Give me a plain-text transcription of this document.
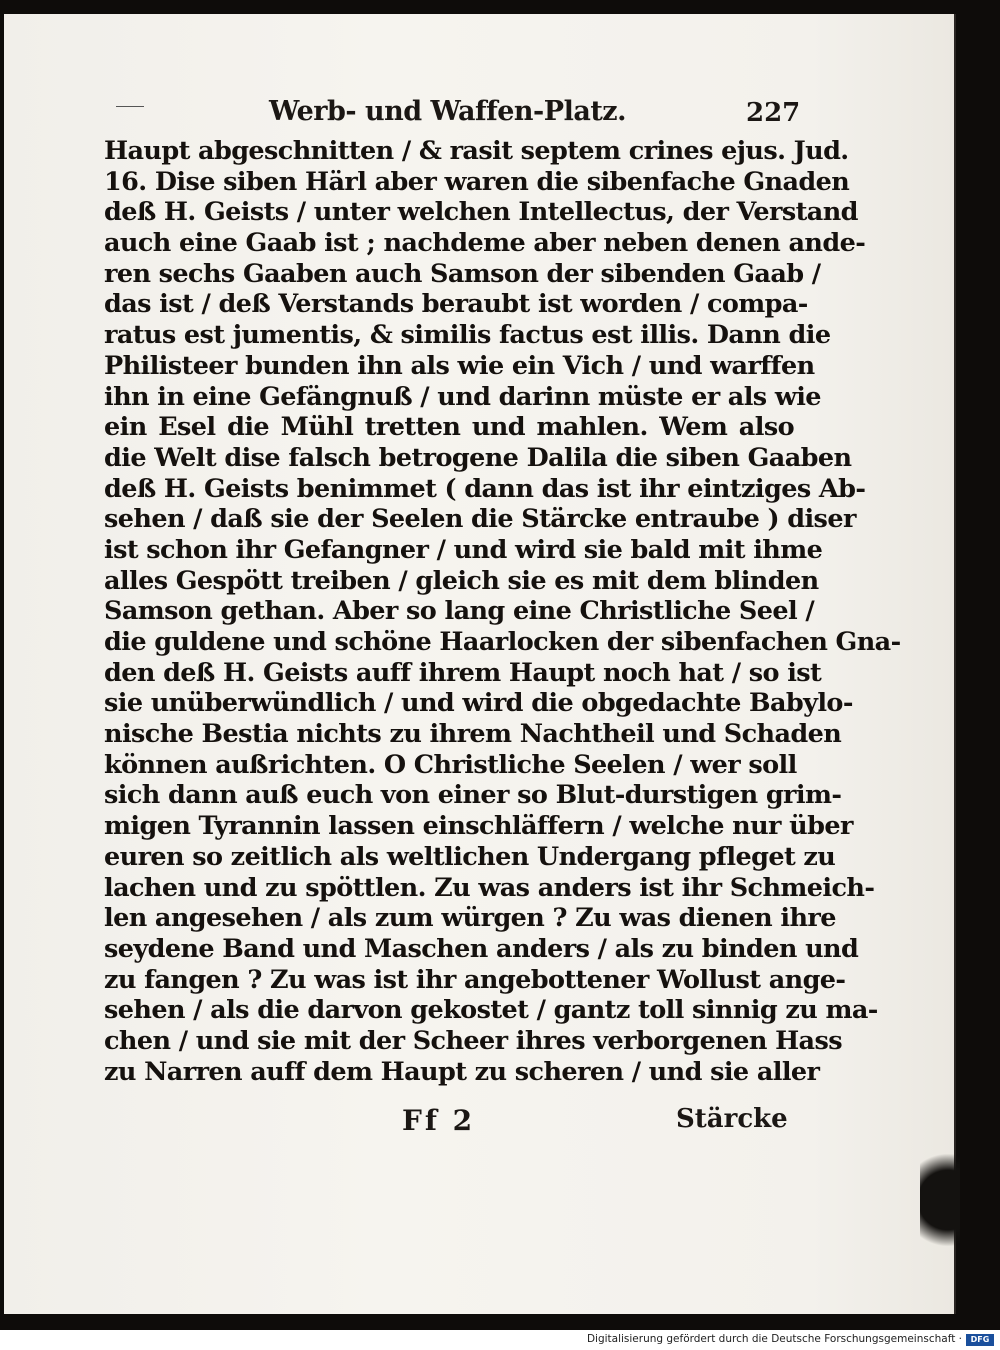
Werb- und Waffen-Platz.	227
Haupt abgeschnitten / & rasit septem crines ejus. Jud.
16. Dise siben Härl aber waren die sibenfache Gnaden
deß H. Geists / unter welchen Intellectus, der Verstand
auch eine Gaab ist ; nachdeme aber neben denen ande-
ren sechs Gaaben auch Samson der sibenden Gaab /
das ist / deß Verstands beraubt ist worden / compa-
ratus est jumentis, & similis factus est illis. Dann die
Philisteer bunden ihn als wie ein Vich / und warffen
ihn in eine Gefängnuß / und darinn müste er als wie
ein Esel die Mühl tretten und mahlen. Wem also
die Welt dise falsch betrogene Dalila die siben Gaaben
deß H. Geists benimmet ( dann das ist ihr eintziges Ab-
sehen / daß sie der Seelen die Stärcke entraube ) diser
ist schon ihr Gefangner / und wird sie bald mit ihme
alles Gespött treiben / gleich sie es mit dem blinden
Samson gethan. Aber so lang eine Christliche Seel /
die guldene und schöne Haarlocken der sibenfachen Gna-
den deß H. Geists auff ihrem Haupt noch hat / so ist
sie unüberwündlich / und wird die obgedachte Babylo-
nische Bestia nichts zu ihrem Nachtheil und Schaden
können außrichten. O Christliche Seelen / wer soll
sich dann auß euch von einer so Blut-durstigen grim-
migen Tyrannin lassen einschläffern / welche nur über
euren so zeitlich als weltlichen Undergang pfleget zu
lachen und zu spöttlen. Zu was anders ist ihr Schmeich-
len angesehen / als zum würgen ? Zu was dienen ihre
seydene Band und Maschen anders / als zu binden und
zu fangen ? Zu was ist ihr angebottener Wollust ange-
sehen / als die darvon gekostet / gantz toll sinnig zu ma-
chen / und sie mit der Scheer ihres verborgenen Hass
zu Narren auff dem Haupt zu scheren / und sie aller
Ff 2	Stärcke
Digitalisierung gefördert durch die Deutsche Forschungsgemeinschaft ·	DFG
